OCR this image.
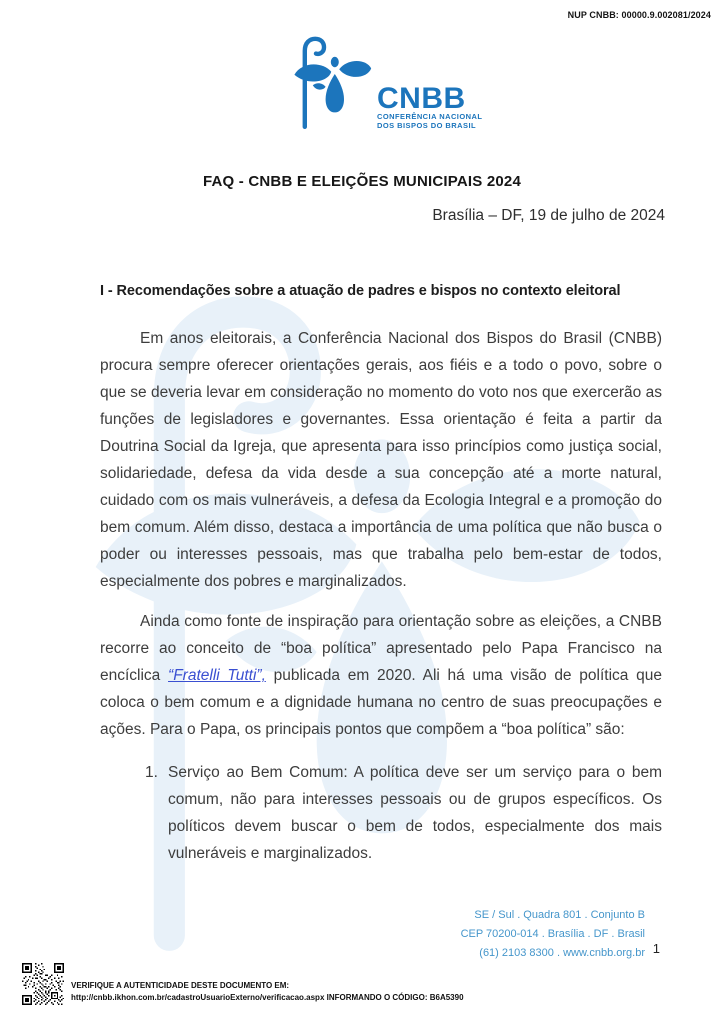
NUP CNBB: 00000.9.002081/2024
CNBB
CONFERÊNCIA NACIONAL
DOS BISPOS DO BRASIL
FAQ - CNBB E ELEIÇÕES MUNICIPAIS 2024
Brasília – DF, 19 de julho de 2024
I - Recomendações sobre a atuação de padres e bispos no contexto eleitoral

Em anos eleitorais, a Conferência Nacional dos Bispos do Brasil (CNBB) procura sempre oferecer orientações gerais, aos fiéis e a todo o povo, sobre o que se deveria levar em consideração no momento do voto nos que exercerão as funções de legisladores e governantes. Essa orientação é feita a partir da Doutrina Social da Igreja, que apresenta para isso princípios como justiça social, solidariedade, defesa da vida desde a sua concepção até a morte natural, cuidado com os mais vulneráveis, a defesa da Ecologia Integral e a promoção do bem comum. Além disso, destaca a importância de uma política que não busca o poder ou interesses pessoais, mas que trabalha pelo bem-estar de todos, especialmente dos pobres e marginalizados.

Ainda como fonte de inspiração para orientação sobre as eleições, a CNBB recorre ao conceito de “boa política” apresentado pelo Papa Francisco na encíclica “Fratelli Tutti”, publicada em 2020. Ali há uma visão de política que coloca o bem comum e a dignidade humana no centro de suas preocupações e ações. Para o Papa, os principais pontos que compõem a “boa política” são:

1. Serviço ao Bem Comum: A política deve ser um serviço para o bem comum, não para interesses pessoais ou de grupos específicos. Os políticos devem buscar o bem de todos, especialmente dos mais vulneráveis e marginalizados.
SE / Sul . Quadra 801 . Conjunto B
CEP 70200-014 . Brasília . DF . Brasil
(61) 2103 8300 . www.cnbb.org.br 1
VERIFIQUE A AUTENTICIDADE DESTE DOCUMENTO EM:
http://cnbb.ikhon.com.br/cadastroUsuarioExterno/verificacao.aspx INFORMANDO O CÓDIGO: B6A5390
